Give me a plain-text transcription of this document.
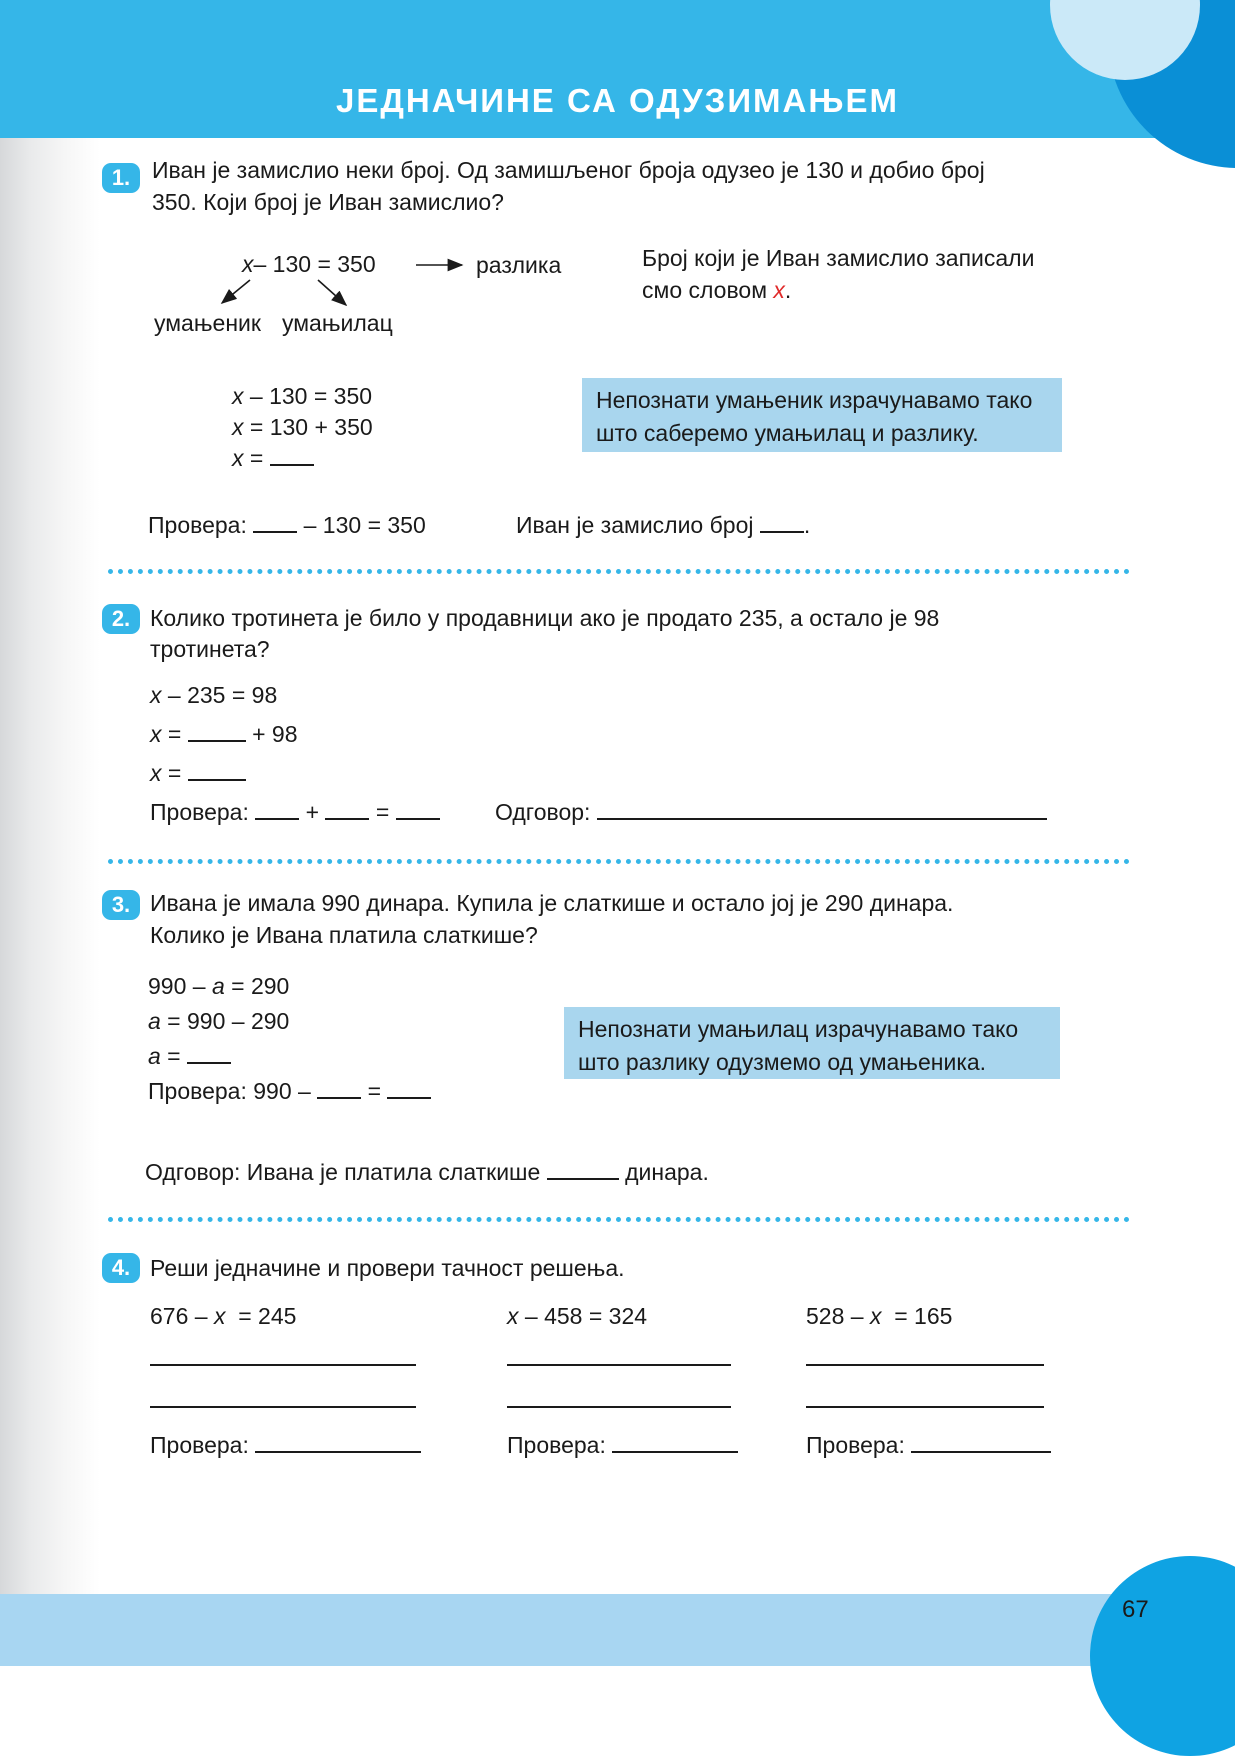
ЈЕДНАЧИНЕ СА ОДУЗИМАЊЕМ
1. Иван је замислио неки број. Од замишљеног броја одузео је 130 и добио број
350. Који број је Иван замислио?
x– 130 = 350	разлика
умањеник умањилац
Број који је Иван замислио записали
смо словом x.
x – 130 = 350
x = 130 + 350
x =
Непознати умањеник израчунавамо тако
што саберемо умањилац и разлику.
Провера:  – 130 = 350	Иван је замислио број .
2. Колико тротинета је било у продавници ако је продато 235, а остало је 98
тротинета?
x – 235 = 98
x =	+ 98
x =
Провера:  +  =	Одговор:
3. Ивана је имала 990 динара. Купила је слаткише и остало јој је 290 динара.
Колико је Ивана платила слаткише?
990 – a = 290
a = 990 – 290
a =
Провера: 990 –  =
Непознати умањилац израчунавамо тако
што разлику одузмемо од умањеника.
Одговор: Ивана је платила слаткише	динара.
4. Реши једначине и провери тачност решења.
676 – x  = 245	x – 458 = 324	528 – x  = 165
Провера:	Провера:	Провера:
67
